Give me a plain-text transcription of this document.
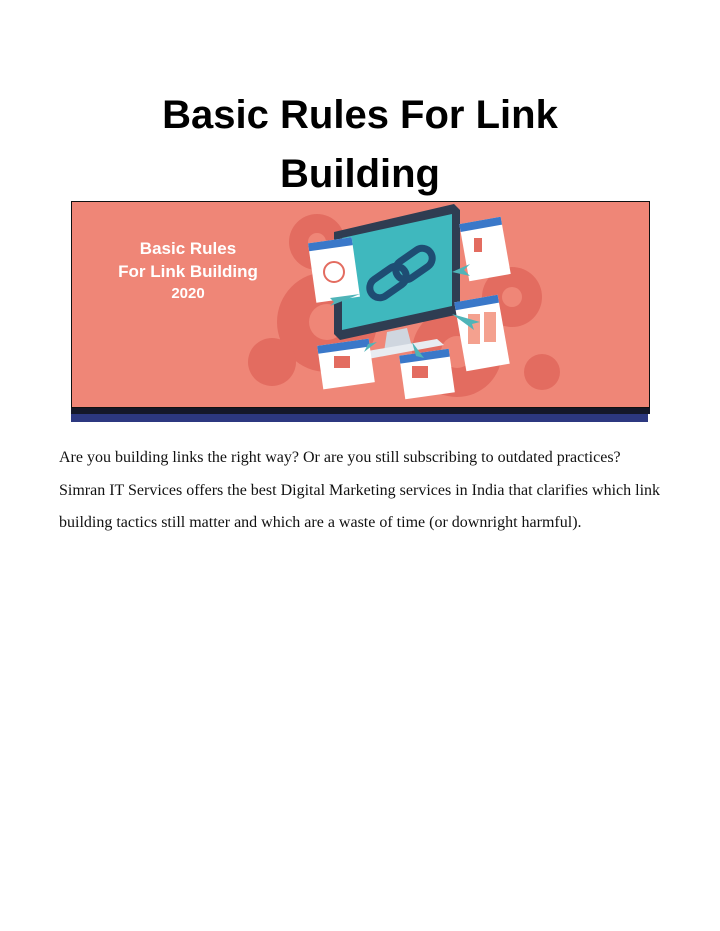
Basic Rules For Link
Building
Basic Rules
For Link Building
2020

Are you building links the right way? Or are you still subscribing to outdated practices? Simran IT Services offers the best Digital Marketing services in India that clarifies which link building tactics still matter and which are a waste of time (or downright harmful).
